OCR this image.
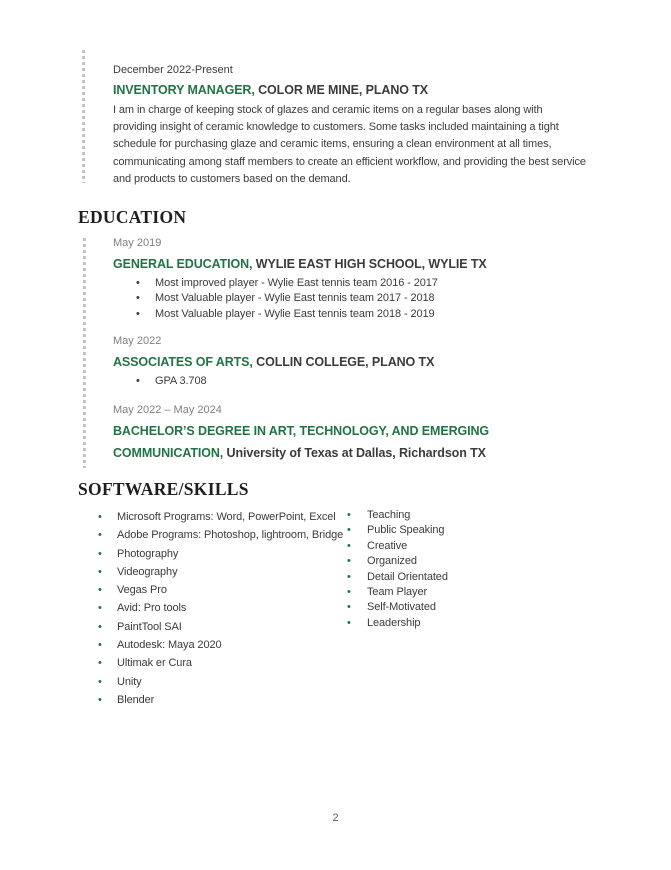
December 2022-Present
INVENTORY MANAGER, COLOR ME MINE, PLANO TX
I am in charge of keeping stock of glazes and ceramic items on a regular bases along with providing insight of ceramic knowledge to customers. Some tasks included maintaining a tight schedule for purchasing glaze and ceramic items, ensuring a clean environment at all times, communicating among staff members to create an efficient workflow, and providing the best service and products to customers based on the demand.
EDUCATION
May 2019
GENERAL EDUCATION, WYLIE EAST HIGH SCHOOL, WYLIE TX
• Most improved player - Wylie East tennis team 2016 - 2017
• Most Valuable player - Wylie East tennis team 2017 - 2018
• Most Valuable player - Wylie East tennis team 2018 - 2019
May 2022
ASSOCIATES OF ARTS, COLLIN COLLEGE, PLANO TX
• GPA 3.708
May 2022 – May 2024
BACHELOR’S DEGREE IN ART, TECHNOLOGY, AND EMERGING
COMMUNICATION, University of Texas at Dallas, Richardson TX
SOFTWARE/SKILLS
• Microsoft Programs: Word, PowerPoint, Excel
• Adobe Programs: Photoshop, lightroom, Bridge
• Photography
• Videography
• Vegas Pro
• Avid: Pro tools
• PaintTool SAI
• Autodesk: Maya 2020
• Ultimak er Cura
• Unity
• Blender
• Teaching
• Public Speaking
• Creative
• Organized
• Detail Orientated
• Team Player
• Self-Motivated
• Leadership
2
